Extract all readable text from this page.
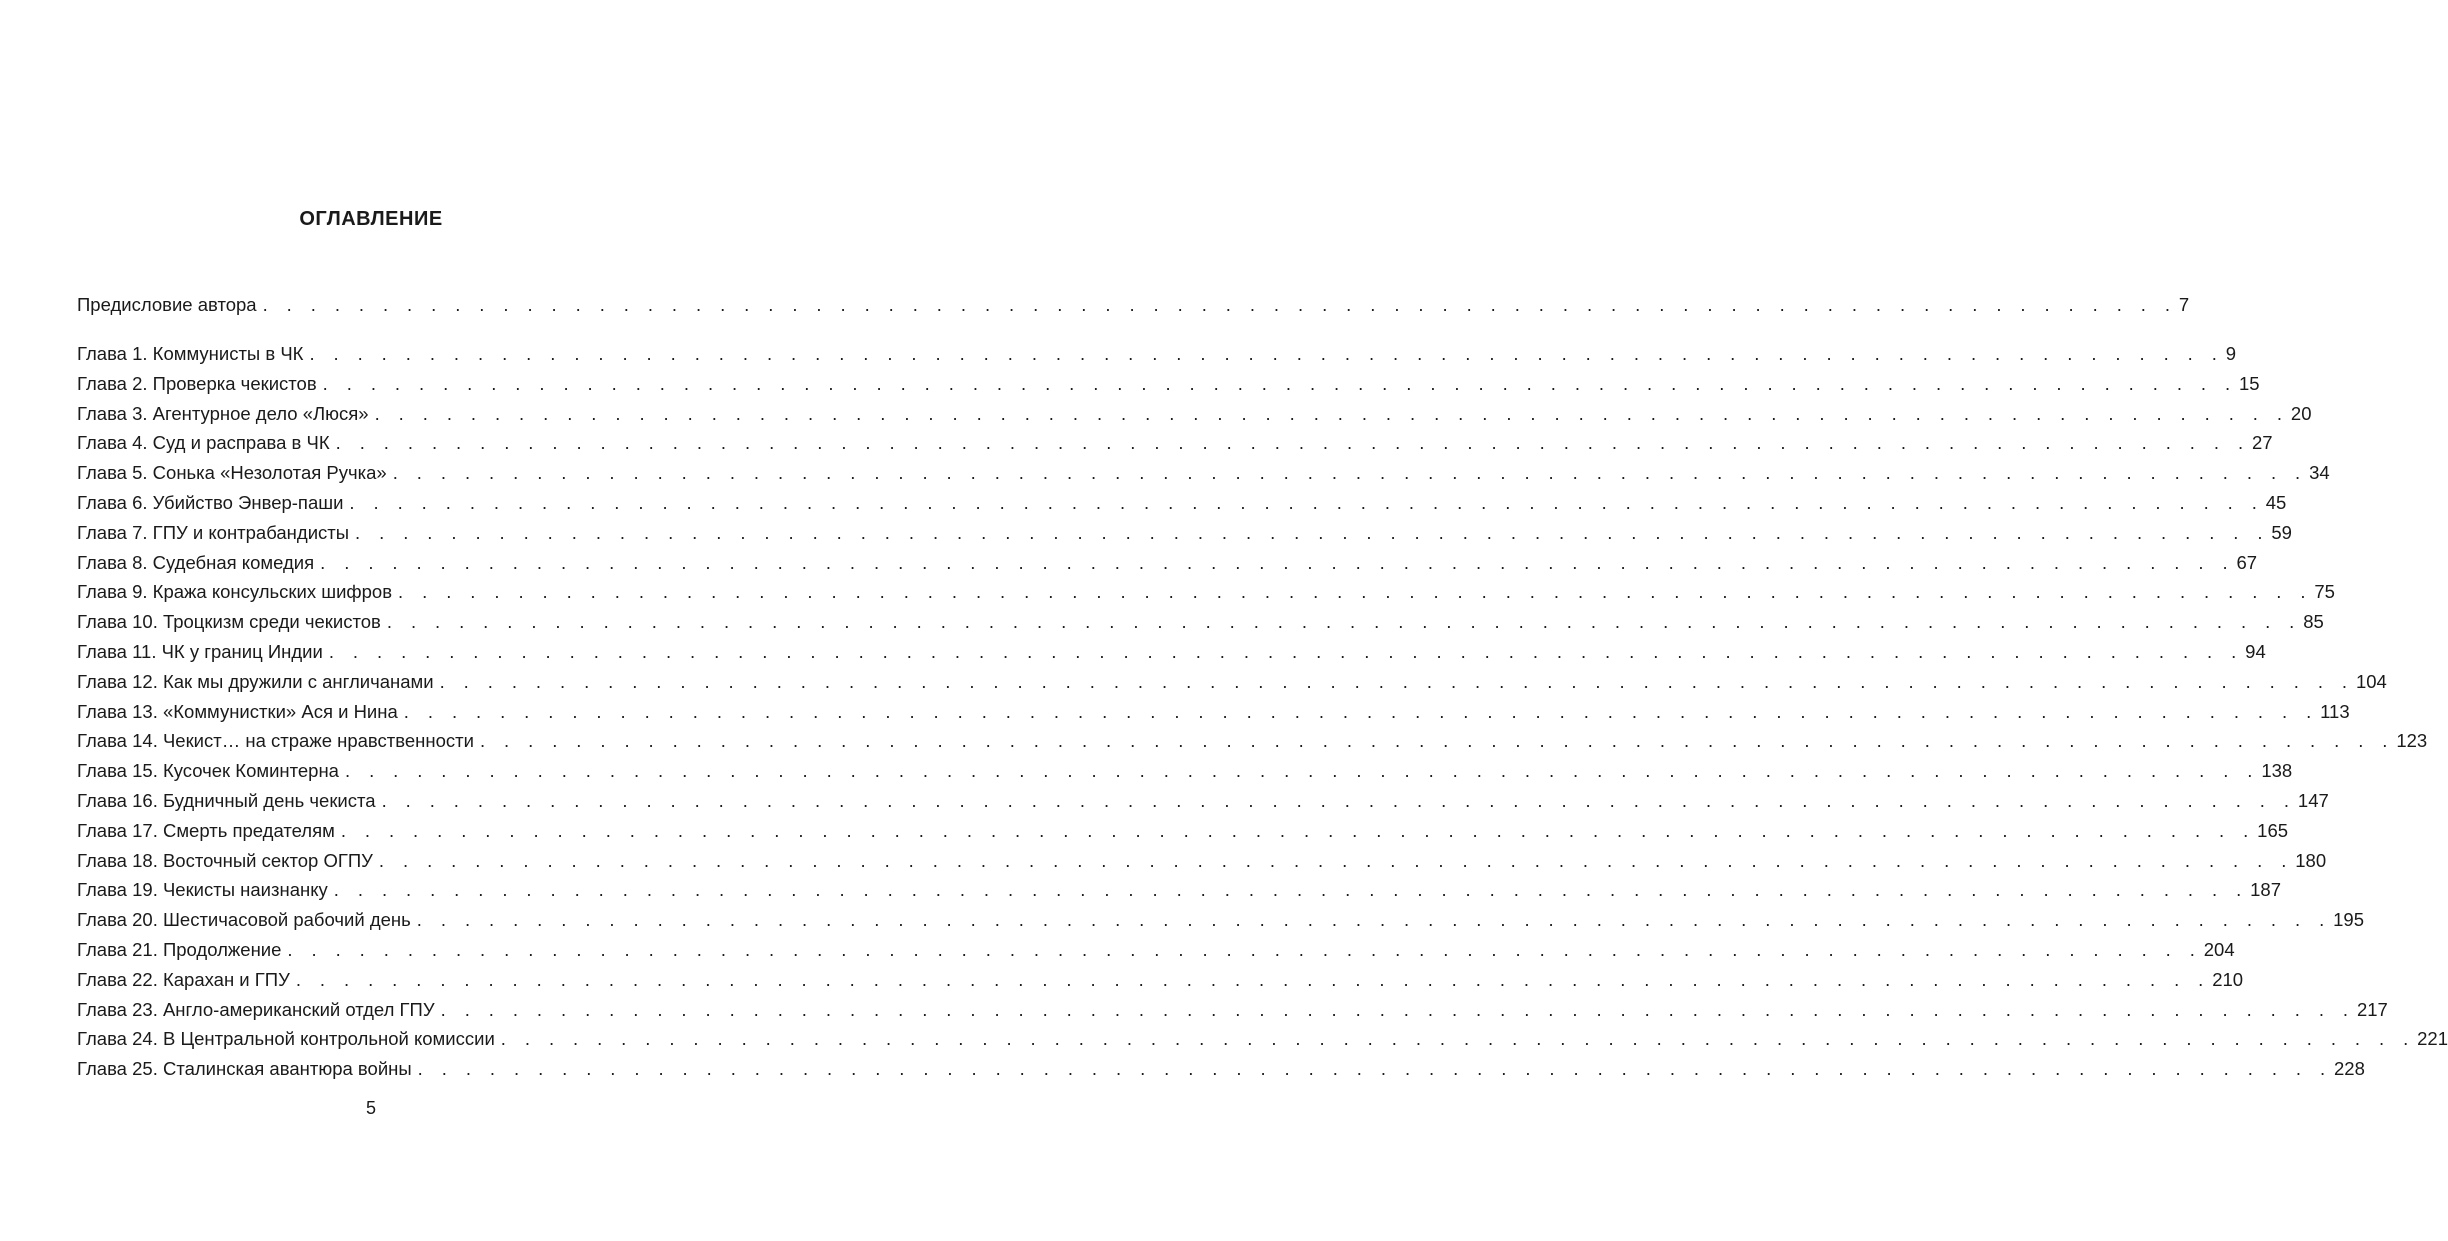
ОГЛАВЛЕНИЕ
Предисловие автора . . . . . . . . . . . . . . . . . . . . . . . . . . . . . . . . . . . . . . . . . . . . . . . . . . . . . . . . . . . . . . . . . . . . . . . . . . . . . . . . 7
Глава 1. Коммунисты в ЧК . . . . . . . . . . . . . . . . . . . . . . . . . . . . . . . . . . . . . . . . . . . . . . . . . . . . . . . . . . . . . . . . . . . . . . . . . . . . . . . . 9
Глава 2. Проверка чекистов . . . . . . . . . . . . . . . . . . . . . . . . . . . . . . . . . . . . . . . . . . . . . . . . . . . . . . . . . . . . . . . . . . . . . . . . . . . . . . . . 15
Глава 3. Агентурное дело «Люся» . . . . . . . . . . . . . . . . . . . . . . . . . . . . . . . . . . . . . . . . . . . . . . . . . . . . . . . . . . . . . . . . . . . . . . . . . . . . . . . . 20
Глава 4. Суд и расправа в ЧК . . . . . . . . . . . . . . . . . . . . . . . . . . . . . . . . . . . . . . . . . . . . . . . . . . . . . . . . . . . . . . . . . . . . . . . . . . . . . . . . 27
Глава 5. Сонька «Незолотая Ручка» . . . . . . . . . . . . . . . . . . . . . . . . . . . . . . . . . . . . . . . . . . . . . . . . . . . . . . . . . . . . . . . . . . . . . . . . . . . . . . . . 34
Глава 6. Убийство Энвер-паши . . . . . . . . . . . . . . . . . . . . . . . . . . . . . . . . . . . . . . . . . . . . . . . . . . . . . . . . . . . . . . . . . . . . . . . . . . . . . . . . 45
Глава 7. ГПУ и контрабандисты . . . . . . . . . . . . . . . . . . . . . . . . . . . . . . . . . . . . . . . . . . . . . . . . . . . . . . . . . . . . . . . . . . . . . . . . . . . . . . . . 59
Глава 8. Судебная комедия . . . . . . . . . . . . . . . . . . . . . . . . . . . . . . . . . . . . . . . . . . . . . . . . . . . . . . . . . . . . . . . . . . . . . . . . . . . . . . . . 67
Глава 9. Кража консульских шифров . . . . . . . . . . . . . . . . . . . . . . . . . . . . . . . . . . . . . . . . . . . . . . . . . . . . . . . . . . . . . . . . . . . . . . . . . . . . . . . . 75
Глава 10. Троцкизм среди чекистов . . . . . . . . . . . . . . . . . . . . . . . . . . . . . . . . . . . . . . . . . . . . . . . . . . . . . . . . . . . . . . . . . . . . . . . . . . . . . . . . 85
Глава 11. ЧК у границ Индии . . . . . . . . . . . . . . . . . . . . . . . . . . . . . . . . . . . . . . . . . . . . . . . . . . . . . . . . . . . . . . . . . . . . . . . . . . . . . . . . 94
Глава 12. Как мы дружили с англичанами . . . . . . . . . . . . . . . . . . . . . . . . . . . . . . . . . . . . . . . . . . . . . . . . . . . . . . . . . . . . . . . . . . . . . . . . . . . . . . . . 104
Глава 13. «Коммунистки» Ася и Нина . . . . . . . . . . . . . . . . . . . . . . . . . . . . . . . . . . . . . . . . . . . . . . . . . . . . . . . . . . . . . . . . . . . . . . . . . . . . . . . . 113
Глава 14. Чекист… на страже нравственности . . . . . . . . . . . . . . . . . . . . . . . . . . . . . . . . . . . . . . . . . . . . . . . . . . . . . . . . . . . . . . . . . . . . . . . . . . . . . . . . 123
Глава 15. Кусочек Коминтерна . . . . . . . . . . . . . . . . . . . . . . . . . . . . . . . . . . . . . . . . . . . . . . . . . . . . . . . . . . . . . . . . . . . . . . . . . . . . . . . . 138
Глава 16. Будничный день чекиста . . . . . . . . . . . . . . . . . . . . . . . . . . . . . . . . . . . . . . . . . . . . . . . . . . . . . . . . . . . . . . . . . . . . . . . . . . . . . . . . 147
Глава 17. Смерть предателям . . . . . . . . . . . . . . . . . . . . . . . . . . . . . . . . . . . . . . . . . . . . . . . . . . . . . . . . . . . . . . . . . . . . . . . . . . . . . . . . 165
Глава 18. Восточный сектор ОГПУ . . . . . . . . . . . . . . . . . . . . . . . . . . . . . . . . . . . . . . . . . . . . . . . . . . . . . . . . . . . . . . . . . . . . . . . . . . . . . . . . 180
Глава 19. Чекисты наизнанку . . . . . . . . . . . . . . . . . . . . . . . . . . . . . . . . . . . . . . . . . . . . . . . . . . . . . . . . . . . . . . . . . . . . . . . . . . . . . . . . 187
Глава 20. Шестичасовой рабочий день . . . . . . . . . . . . . . . . . . . . . . . . . . . . . . . . . . . . . . . . . . . . . . . . . . . . . . . . . . . . . . . . . . . . . . . . . . . . . . . . 195
Глава 21. Продолжение . . . . . . . . . . . . . . . . . . . . . . . . . . . . . . . . . . . . . . . . . . . . . . . . . . . . . . . . . . . . . . . . . . . . . . . . . . . . . . . . 204
Глава 22. Карахан и ГПУ . . . . . . . . . . . . . . . . . . . . . . . . . . . . . . . . . . . . . . . . . . . . . . . . . . . . . . . . . . . . . . . . . . . . . . . . . . . . . . . . 210
Глава 23. Англо-американский отдел ГПУ . . . . . . . . . . . . . . . . . . . . . . . . . . . . . . . . . . . . . . . . . . . . . . . . . . . . . . . . . . . . . . . . . . . . . . . . . . . . . . . . 217
Глава 24. В Центральной контрольной комиссии . . . . . . . . . . . . . . . . . . . . . . . . . . . . . . . . . . . . . . . . . . . . . . . . . . . . . . . . . . . . . . . . . . . . . . . . . . . . . . . . 221
Глава 25. Сталинская авантюра войны . . . . . . . . . . . . . . . . . . . . . . . . . . . . . . . . . . . . . . . . . . . . . . . . . . . . . . . . . . . . . . . . . . . . . . . . . . . . . . . . 228
5
